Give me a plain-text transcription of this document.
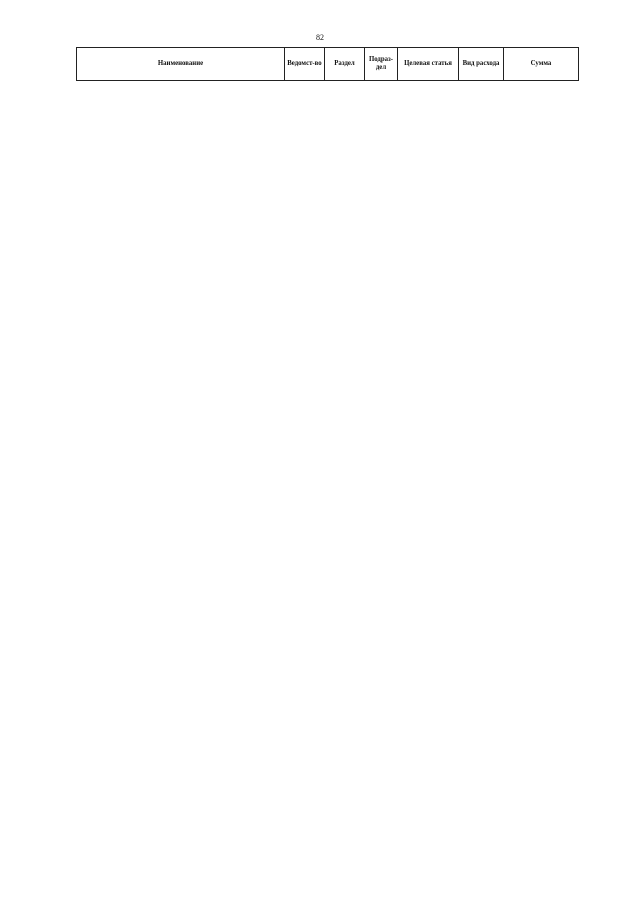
82
Наименование	Ведомст-во	Раздел	Подраз-дел	Целевая статья	Вид расхода	Сумма
